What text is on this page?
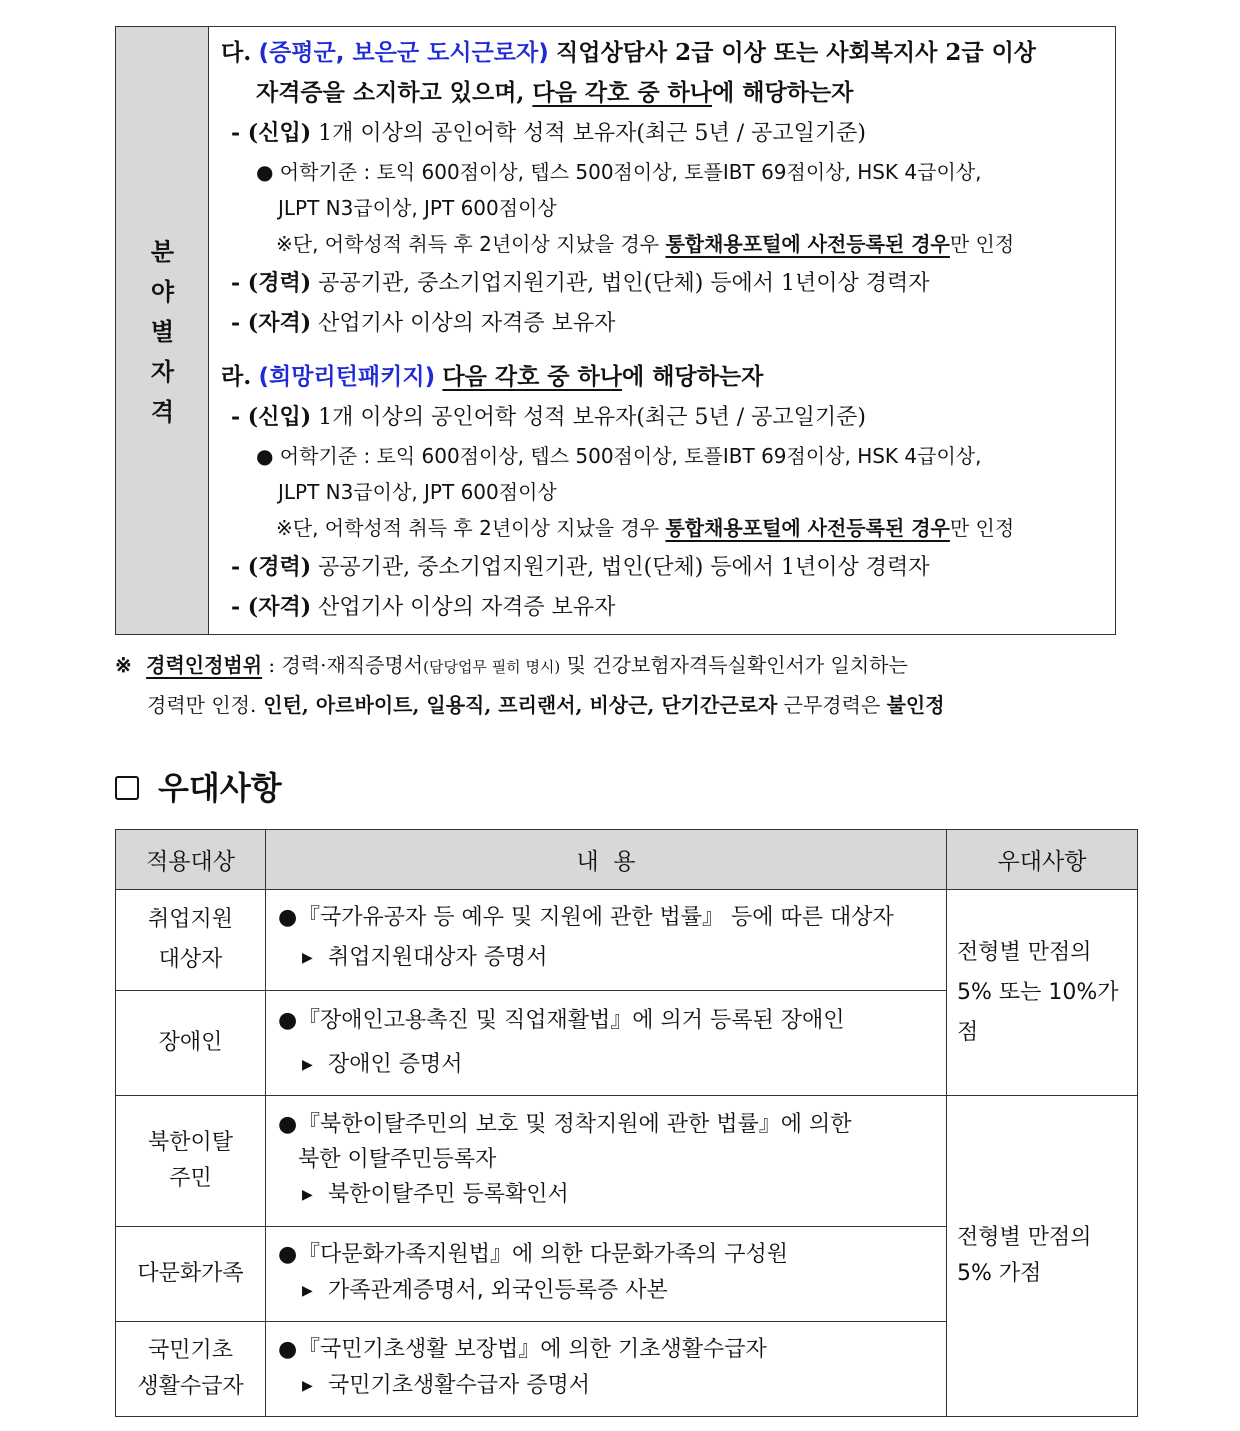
분
야
별
자
격
다. (증평군, 보은군 도시근로자) 직업상담사 2급 이상 또는 사회복지사 2급 이상
자격증을 소지하고 있으며, 다음 각호 중 하나에 해당하는자
- (신입) 1개 이상의 공인어학 성적 보유자(최근 5년 / 공고일기준)
● 어학기준 : 토익 600점이상, 텝스 500점이상, 토플IBT 69점이상, HSK 4급이상,
JLPT N3급이상, JPT 600점이상
※단, 어학성적 취득 후 2년이상 지났을 경우 통합채용포털에 사전등록된 경우만 인정
- (경력) 공공기관, 중소기업지원기관, 법인(단체) 등에서 1년이상 경력자
- (자격) 산업기사 이상의 자격증 보유자
라. (희망리턴패키지) 다음 각호 중 하나에 해당하는자
- (신입) 1개 이상의 공인어학 성적 보유자(최근 5년 / 공고일기준)
● 어학기준 : 토익 600점이상, 텝스 500점이상, 토플IBT 69점이상, HSK 4급이상,
JLPT N3급이상, JPT 600점이상
※단, 어학성적 취득 후 2년이상 지났을 경우 통합채용포털에 사전등록된 경우만 인정
- (경력) 공공기관, 중소기업지원기관, 법인(단체) 등에서 1년이상 경력자
- (자격) 산업기사 이상의 자격증 보유자
※ 경력인정범위 : 경력·재직증명서(담당업무 필히 명시) 및 건강보험자격득실확인서가 일치하는
경력만 인정. 인턴, 아르바이트, 일용직, 프리랜서, 비상근, 단기간근로자 근무경력은 불인정
우대사항
적용대상	내  용	우대사항
취업지원
대상자
●『국가유공자 등 예우 및 지원에 관한 법률』 등에 따른 대상자
▶ 취업지원대상자 증명서
장애인
●『장애인고용촉진 및 직업재활법』에 의거 등록된 장애인
▶ 장애인 증명서
전형별 만점의
5% 또는 10%가점
북한이탈
주민
●『북한이탈주민의 보호 및 정착지원에 관한 법률』에 의한
북한 이탈주민등록자
▶ 북한이탈주민 등록확인서
다문화가족
●『다문화가족지원법』에 의한 다문화가족의 구성원
▶ 가족관계증명서, 외국인등록증 사본
국민기초
생활수급자
●『국민기초생활 보장법』에 의한 기초생활수급자
▶ 국민기초생활수급자 증명서
전형별 만점의
5% 가점
